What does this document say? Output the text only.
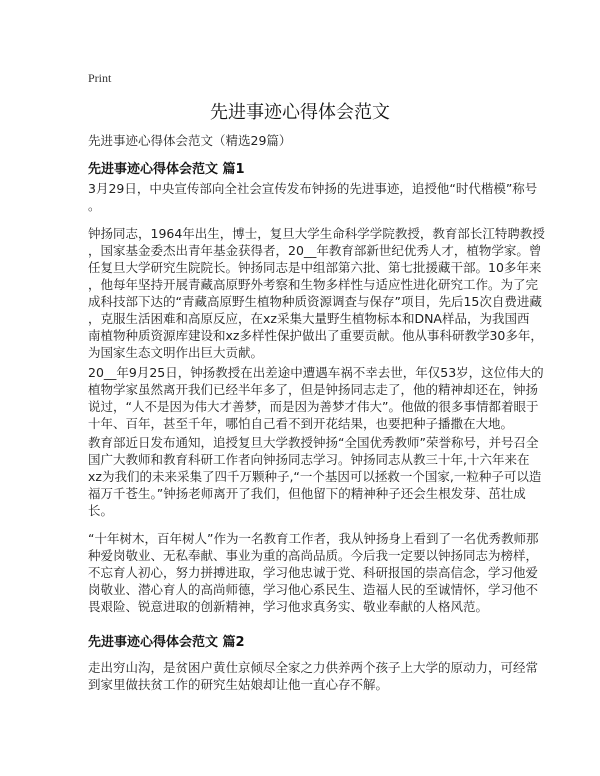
Print
先进事迹心得体会范文
先进事迹心得体会范文（精选29篇）
先进事迹心得体会范文 篇1
3月29日，中央宣传部向全社会宣传发布钟扬的先进事迹，追授他“时代楷模”称号
。
钟扬同志，1964年出生，博士，复旦大学生命科学学院教授，教育部长江特聘教授
，国家基金委杰出青年基金获得者，20__年教育部新世纪优秀人才，植物学家。曾
任复旦大学研究生院院长。钟扬同志是中组部第六批、第七批援藏干部。10多年来
，他每年坚持开展青藏高原野外考察和生物多样性与适应性进化研究工作。为了完
成科技部下达的“青藏高原野生植物种质资源调查与保存”项目，先后15次自费进藏
，克服生活困难和高原反应，在xz采集大量野生植物标本和DNA样品，为我国西
南植物种质资源库建设和xz多样性保护做出了重要贡献。他从事科研教学30多年，
为国家生态文明作出巨大贡献。
20__年9月25日，钟扬教授在出差途中遭遇车祸不幸去世，年仅53岁，这位伟大的
植物学家虽然离开我们已经半年多了，但是钟扬同志走了，他的精神却还在，钟扬
说过，“人不是因为伟大才善梦，而是因为善梦才伟大”。他做的很多事情都着眼于
十年、百年，甚至千年，哪怕自己看不到开花结果，也要把种子播撒在大地。
教育部近日发布通知，追授复旦大学教授钟扬“全国优秀教师”荣誉称号，并号召全
国广大教师和教育科研工作者向钟扬同志学习。钟扬同志从教三十年,十六年来在
xz为我们的未来采集了四千万颗种子,“一个基因可以拯救一个国家,一粒种子可以造
福万千苍生。”钟扬老师离开了我们，但他留下的精神种子还会生根发芽、茁壮成
长。
“十年树木，百年树人”作为一名教育工作者，我从钟扬身上看到了一名优秀教师那
种爱岗敬业、无私奉献、事业为重的高尚品质。今后我一定要以钟扬同志为榜样，
不忘育人初心，努力拼搏进取，学习他忠诚于党、科研报国的崇高信念，学习他爱
岗敬业、潜心育人的高尚师德，学习他心系民生、造福人民的至诚情怀，学习他不
畏艰险、锐意进取的创新精神，学习他求真务实、敬业奉献的人格风范。
先进事迹心得体会范文 篇2
走出穷山沟，是贫困户黄仕京倾尽全家之力供养两个孩子上大学的原动力，可经常
到家里做扶贫工作的研究生姑娘却让他一直心存不解。
